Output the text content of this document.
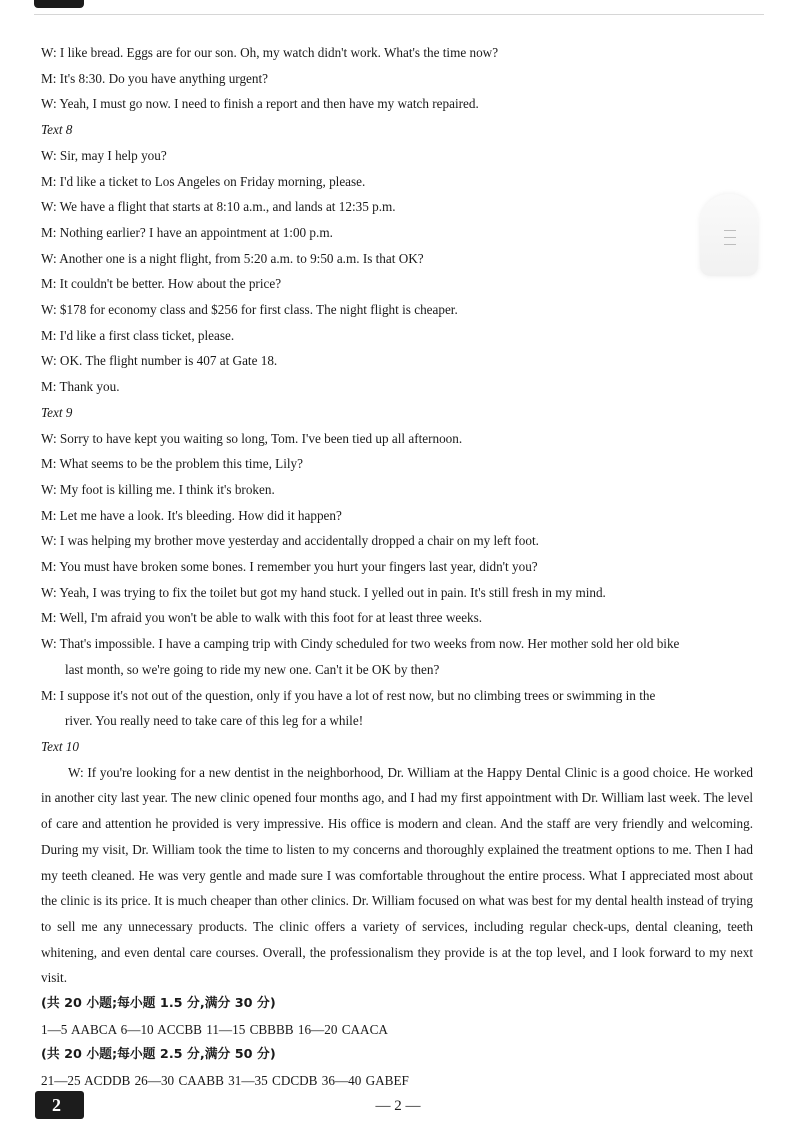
W: I like bread. Eggs are for our son. Oh, my watch didn't work. What's the time now?
M: It's 8:30. Do you have anything urgent?
W: Yeah, I must go now. I need to finish a report and then have my watch repaired.
Text 8
W: Sir, may I help you?
M: I'd like a ticket to Los Angeles on Friday morning, please.
W: We have a flight that starts at 8:10 a.m., and lands at 12:35 p.m.
M: Nothing earlier? I have an appointment at 1:00 p.m.
W: Another one is a night flight, from 5:20 a.m. to 9:50 a.m. Is that OK?
M: It couldn't be better. How about the price?
W: $178 for economy class and $256 for first class. The night flight is cheaper.
M: I'd like a first class ticket, please.
W: OK. The flight number is 407 at Gate 18.
M: Thank you.
Text 9
W: Sorry to have kept you waiting so long, Tom. I've been tied up all afternoon.
M: What seems to be the problem this time, Lily?
W: My foot is killing me. I think it's broken.
M: Let me have a look. It's bleeding. How did it happen?
W: I was helping my brother move yesterday and accidentally dropped a chair on my left foot.
M: You must have broken some bones. I remember you hurt your fingers last year, didn't you?
W: Yeah, I was trying to fix the toilet but got my hand stuck. I yelled out in pain. It's still fresh in my mind.
M: Well, I'm afraid you won't be able to walk with this foot for at least three weeks.
W: That's impossible. I have a camping trip with Cindy scheduled for two weeks from now. Her mother sold her old bike
last month, so we're going to ride my new one. Can't it be OK by then?
M: I suppose it's not out of the question, only if you have a lot of rest now, but no climbing trees or swimming in the
river. You really need to take care of this leg for a while!
Text 10
W: If you're looking for a new dentist in the neighborhood, Dr. William at the Happy Dental Clinic is a good choice. He worked in another city last year. The new clinic opened four months ago, and I had my first appointment with Dr. William last week. The level of care and attention he provided is very impressive. His office is modern and clean. And the staff are very friendly and welcoming. During my visit, Dr. William took the time to listen to my concerns and thoroughly explained the treatment options to me. Then I had my teeth cleaned. He was very gentle and made sure I was comfortable throughout the entire process. What I appreciated most about the clinic is its price. It is much cheaper than other clinics. Dr. William focused on what was best for my dental health instead of trying to sell me any unnecessary products. The clinic offers a variety of services, including regular check-ups, dental cleaning, teeth whitening, and even dental care courses. Overall, the professionalism they provide is at the top level, and I look forward to my next visit.
(共 20 小题;每小题 1.5 分,满分 30 分)
1—5 AABCA 6—10 ACCBB 11—15 CBBBB 16—20 CAACA
(共 20 小题;每小题 2.5 分,满分 50 分)
21—25 ACDDB 26—30 CAABB 31—35 CDCDB 36—40 GABEF
2	— 2 —
